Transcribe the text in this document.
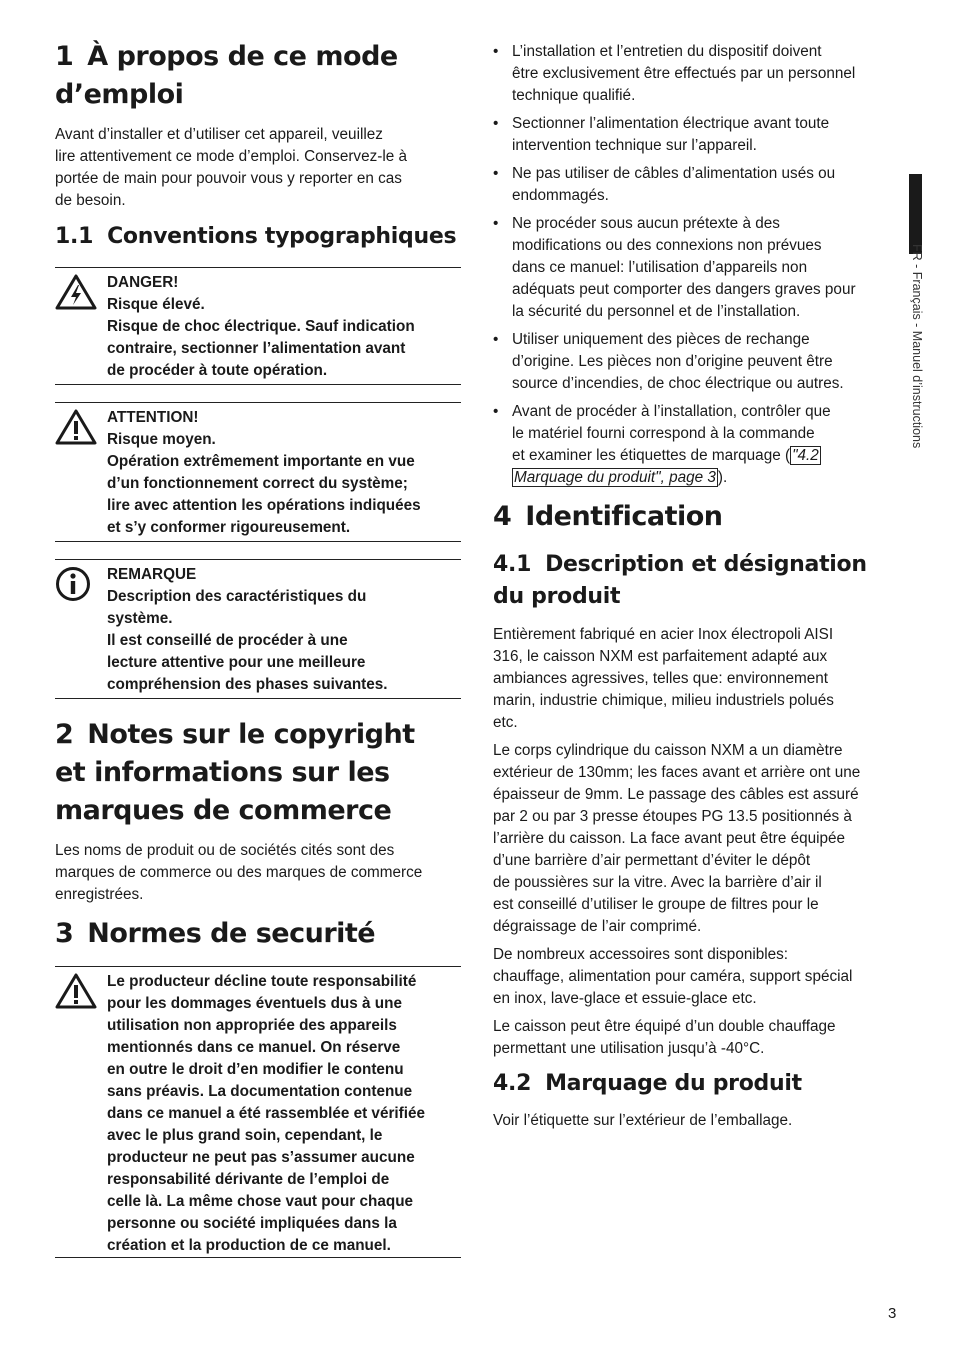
1 À propos de ce mode
d’emploi

Avant d’installer et d’utiliser cet appareil, veuillez

lire attentivement ce mode d’emploi. Conservez-le à

portée de main pour pouvoir vous y reporter en cas

de besoin.

1.1 Conventions typographiques
DANGER!
Risque élevé.
Risque de choc électrique. Sauf indication
contraire, sectionner l’alimentation avant
de procéder à toute opération.
ATTENTION!
Risque moyen.
Opération extrêmement importante en vue
d’un fonctionnement correct du système;
lire avec attention les opérations indiquées
et s’y conformer rigoureusement.
REMARQUE
Description des caractéristiques du
système.
Il est conseillé de procéder à une
lecture attentive pour une meilleure
compréhension des phases suivantes.
2 Notes sur le copyright
et informations sur les
marques de commerce

Les noms de produit ou de sociétés cités sont des

marques de commerce ou des marques de commerce

enregistrées.

3 Normes de securité
Le producteur décline toute responsabilité
pour les dommages éventuels dus à une
utilisation non appropriée des appareils
mentionnés dans ce manuel. On réserve
en outre le droit d’en modifier le contenu
sans préavis. La documentation contenue
dans ce manuel a été rassemblée et vérifiée
avec le plus grand soin, cependant, le
producteur ne peut pas s’assumer aucune
responsabilité dérivante de l’emploi de
celle là. La même chose vaut pour chaque
personne ou société impliquées dans la
création et la production de ce manuel.
• L’installation et l’entretien du dispositif doivent
être exclusivement être effectués par un personnel
technique qualifié.
• Sectionner l’alimentation électrique avant toute
intervention technique sur l’appareil.
• Ne pas utiliser de câbles d’alimentation usés ou
endommagés.
• Ne procéder sous aucun prétexte à des
modifications ou des connexions non prévues
dans ce manuel: l’utilisation d’appareils non
adéquats peut comporter des dangers graves pour
la sécurité du personnel et de l’installation.
• Utiliser uniquement des pièces de rechange
d’origine. Les pièces non d’origine peuvent être
source d’incendies, de choc électrique ou autres.
• Avant de procéder à l’installation, contrôler que
le matériel fourni correspond à la commande
et examiner les étiquettes de marquage ( "4.2
Marquage du produit", page 3 ).
4 Identification
4.1 Description et désignation
du produit

Entièrement fabriqué en acier Inox électropoli AISI

316, le caisson NXM est parfaitement adapté aux

ambiances agressives, telles que: environnement

marin, industrie chimique, milieu industriels polués

etc.

Le corps cylindrique du caisson NXM a un diamètre

extérieur de 130mm; les faces avant et arrière ont une

épaisseur de 9mm. Le passage des câbles est assuré

par 2 ou par 3 presse étoupes PG 13.5 positionnés à

l’arrière du caisson. La face avant peut être équipée

d’une barrière d’air permettant d’éviter le dépôt

de poussières sur la vitre. Avec la barrière d’air il

est conseillé d’utiliser le groupe de filtres pour le

dégraissage de l’air comprimé.

De nombreux accessoires sont disponibles:

chauffage, alimentation pour caméra, support spécial

en inox, lave-glace et essuie-glace etc.

Le caisson peut être équipé d’un double chauffage

permettant une utilisation jusqu’à -40°C.

4.2 Marquage du produit

Voir l’étiquette sur l’extérieur de l’emballage.

FR - Français - Manuel d’instructions
3
